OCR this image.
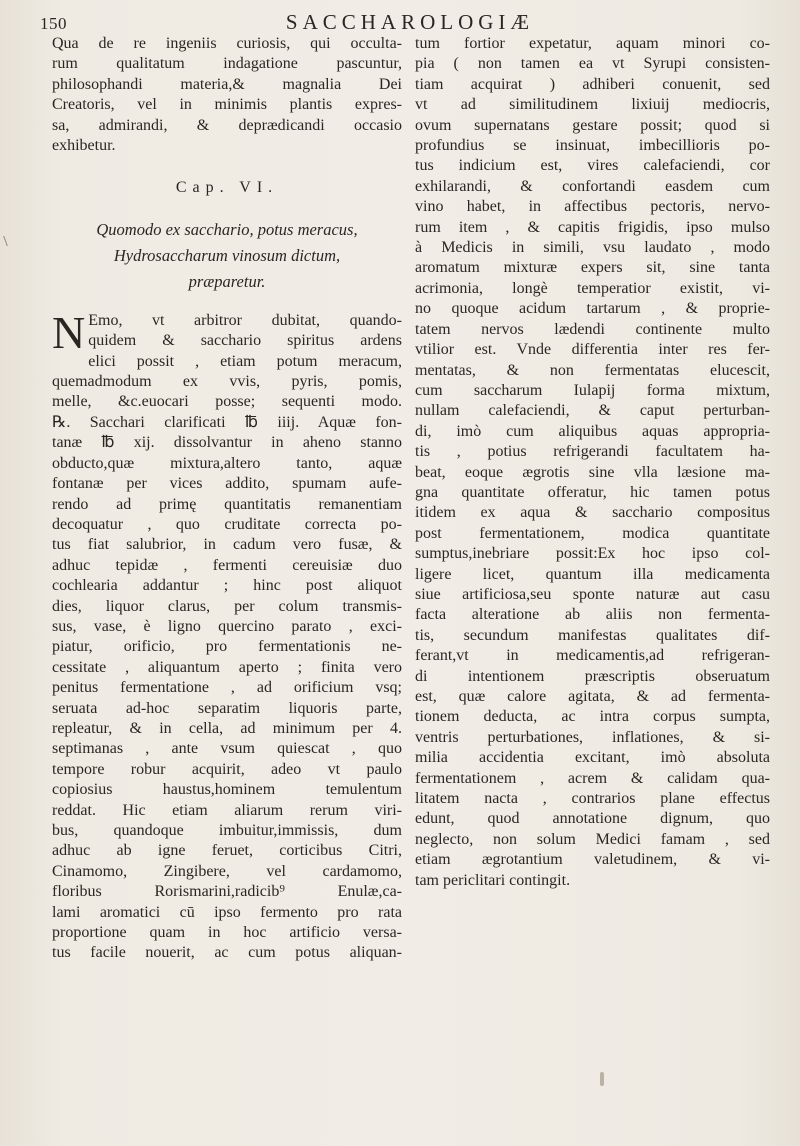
150	SACCHAROLOGIÆ
Qua de re ingeniis curiosis, qui occulta-
rum qualitatum indagatione pascuntur,
philosophandi materia,& magnalia Dei
Creatoris, vel in minimis plantis expres-
sa, admirandi, & deprædicandi occasio
exhibetur.
Cap. VI.
Quomodo ex sacchario, potus meracus,
Hydrosaccharum vinosum dictum,
præparetur.
N Emo, vt arbitror dubitat, quando-
quidem & sacchario spiritus ardens
elici possit , etiam potum meracum,
quemadmodum ex vvis, pyris, pomis,
melle, &c.euocari posse; sequenti modo.
℞. Sacchari clarificati ℔ iiij. Aquæ fon-
tanæ ℔ xij. dissolvantur in aheno stanno
obducto,quæ mixtura,altero tanto, aquæ
fontanæ per vices addito, spumam aufe-
rendo ad primę quantitatis remanentiam
decoquatur , quo cruditate correcta po-
tus fiat salubrior, in cadum vero fusæ, &
adhuc tepidæ , fermenti cereuisiæ duo
cochlearia addantur ; hinc post aliquot
dies, liquor clarus, per colum transmis-
sus, vase, è ligno quercino parato , exci-
piatur, orificio, pro fermentationis ne-
cessitate , aliquantum aperto ; finita vero
penitus fermentatione , ad orificium vsq;
seruata ad-hoc separatim liquoris parte,
repleatur, & in cella, ad minimum per 4.
septimanas , ante vsum quiescat , quo
tempore robur acquirit, adeo vt paulo
copiosius haustus,hominem temulentum
reddat. Hic etiam aliarum rerum viri-
bus, quandoque imbuitur,immissis, dum
adhuc ab igne feruet, corticibus Citri,
Cinamomo, Zingibere, vel cardamomo,
floribus Rorismarini,radicib⁹ Enulæ,ca-
lami aromatici cū ipso fermento pro rata
proportione quam in hoc artificio versa-
tus facile nouerit, ac cum potus aliquan-
tum fortior expetatur, aquam minori co-
pia ( non tamen ea vt Syrupi consisten-
tiam acquirat ) adhiberi conuenit, sed
vt ad similitudinem lixiuij mediocris,
ovum supernatans gestare possit; quod si
profundius se insinuat, imbecillioris po-
tus indicium est, vires calefaciendi, cor
exhilarandi, & confortandi easdem cum
vino habet, in affectibus pectoris, nervo-
rum item , & capitis frigidis, ipso mulso
à Medicis in simili, vsu laudato , modo
aromatum mixturæ expers sit, sine tanta
acrimonia, longè temperatior existit, vi-
no quoque acidum tartarum , & proprie-
tatem nervos lædendi continente multo
vtilior est. Vnde differentia inter res fer-
mentatas, & non fermentatas elucescit,
cum saccharum Iulapij forma mixtum,
nullam calefaciendi, & caput perturban-
di, imò cum aliquibus aquas appropria-
tis , potius refrigerandi facultatem ha-
beat, eoque ægrotis sine vlla læsione ma-
gna quantitate offeratur, hic tamen potus
itidem ex aqua & sacchario compositus
post fermentationem, modica quantitate
sumptus,inebriare possit:Ex hoc ipso col-
ligere licet, quantum illa medicamenta
siue artificiosa,seu sponte naturæ aut casu
facta alteratione ab aliis non fermenta-
tis, secundum manifestas qualitates dif-
ferant,vt in medicamentis,ad refrigeran-
di intentionem præscriptis obseruatum
est, quæ calore agitata, & ad fermenta-
tionem deducta, ac intra corpus sumpta,
ventris perturbationes, inflationes, & si-
milia accidentia excitant, imò absoluta
fermentationem , acrem & calidam qua-
litatem nacta , contrarios plane effectus
edunt, quod annotatione dignum, quo
neglecto, non solum Medici famam , sed
etiam ægrotantium valetudinem, & vi-
tam periclitari contingit.
